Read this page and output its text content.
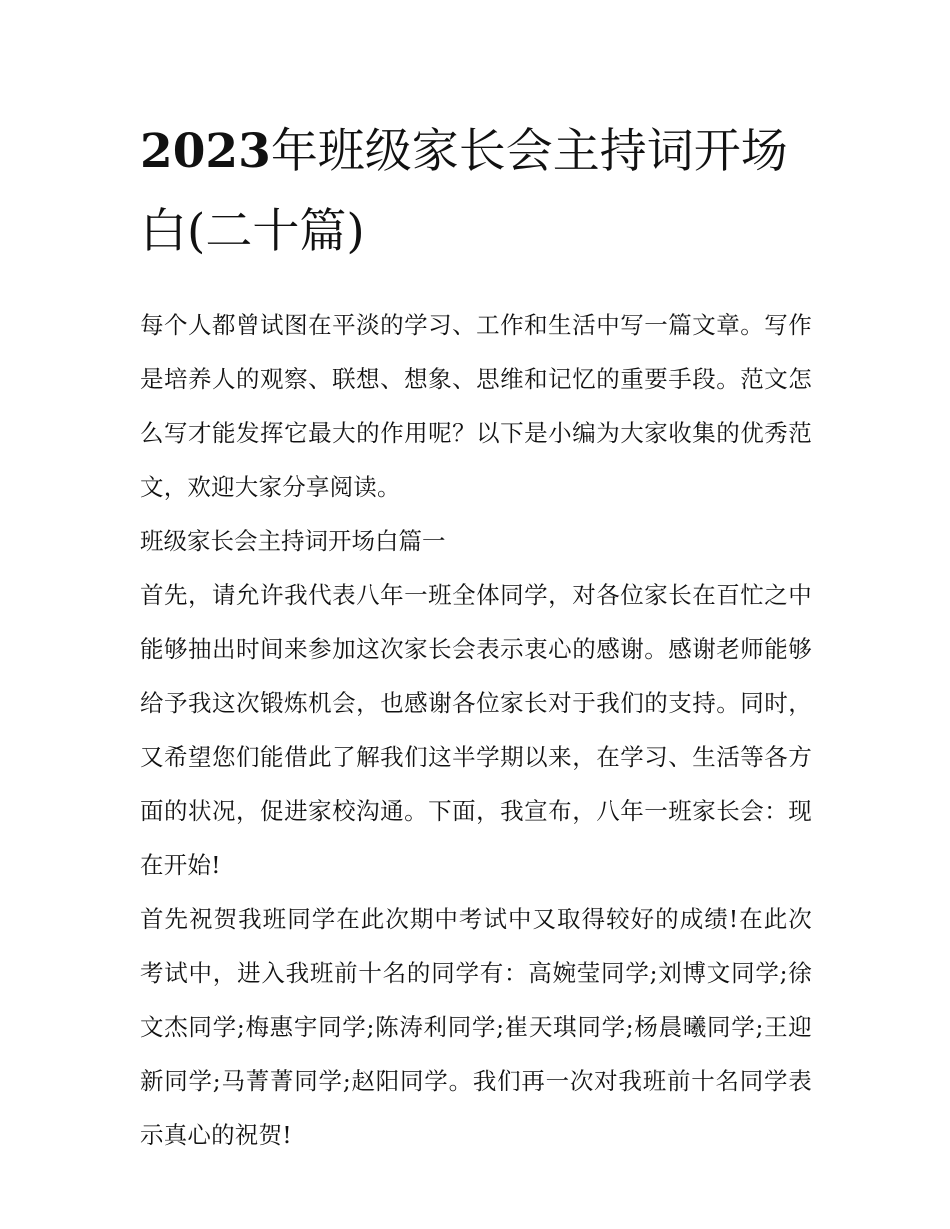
2023年班级家长会主持词开场白(二十篇)

每个人都曾试图在平淡的学习、工作和生活中写一篇文章。写作是培养人的观察、联想、想象、思维和记忆的重要手段。范文怎么写才能发挥它最大的作用呢？以下是小编为大家收集的优秀范文，欢迎大家分享阅读。

班级家长会主持词开场白篇一

首先，请允许我代表八年一班全体同学，对各位家长在百忙之中能够抽出时间来参加这次家长会表示衷心的感谢。感谢老师能够给予我这次锻炼机会，也感谢各位家长对于我们的支持。同时，又希望您们能借此了解我们这半学期以来，在学习、生活等各方面的状况，促进家校沟通。下面，我宣布，八年一班家长会：现在开始!

首先祝贺我班同学在此次期中考试中又取得较好的成绩!在此次考试中，进入我班前十名的同学有：高婉莹同学;刘博文同学;徐文杰同学;梅惠宇同学;陈涛利同学;崔天琪同学;杨晨曦同学;王迎新同学;马菁菁同学;赵阳同学。我们再一次对我班前十名同学表示真心的祝贺!
